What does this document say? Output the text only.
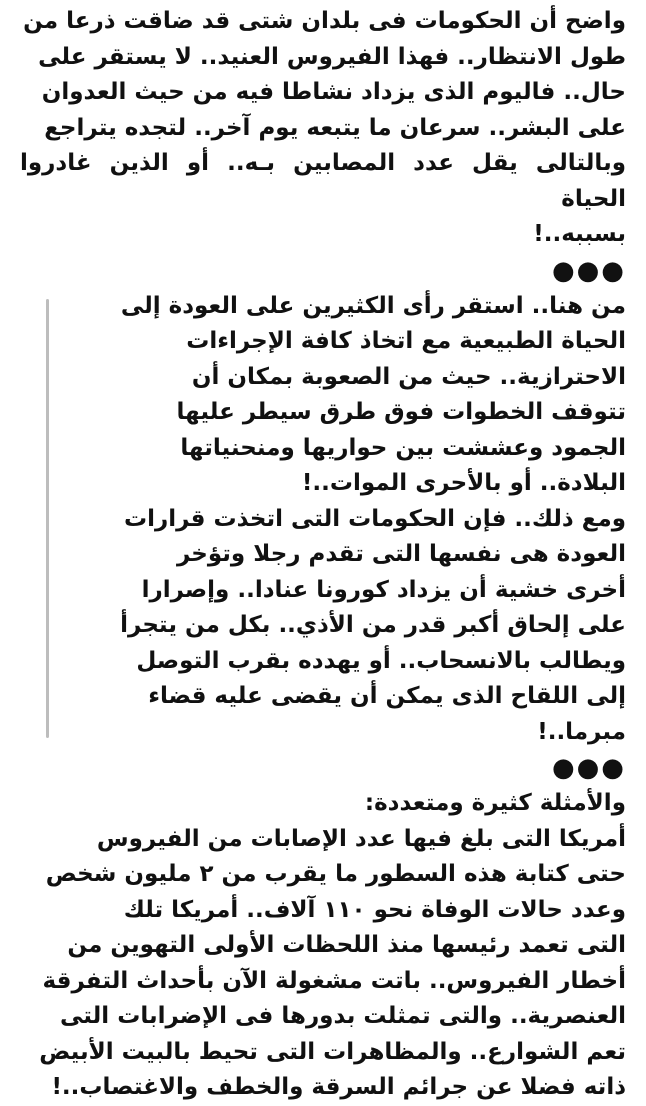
واضح أن الحكومات فى بلدان شتى قد ضاقت ذرعا من
طول الانتظار.. فهذا الفيروس العنيد.. لا يستقر على
حال.. فاليوم الذى يزداد نشاطا فيه من حيث العدوان
على البشر.. سرعان ما يتبعه يوم آخر.. لتجده يتراجع
وبالتالى يقل عدد المصابين بـه.. أو الذين غادروا الحياة
بسببه..!

●●●

من هنا.. استقر رأى الكثيرين على العودة إلى
الحياة الطبيعية مع اتخاذ كافة الإجراءات
الاحترازية.. حيث من الصعوبة بمكان أن
تتوقف الخطوات فوق طرق سيطر عليها
الجمود وعششت بين حواريها ومنحنياتها
البلادة.. أو بالأحرى الموات..!

ومع ذلك.. فإن الحكومات التى اتخذت قرارات
العودة هى نفسها التى تقدم رجلا وتؤخر
أخرى خشية أن يزداد كورونا عنادا.. وإصرارا
على إلحاق أكبر قدر من الأذي.. بكل من يتجرأ
ويطالب بالانسحاب.. أو يهدده بقرب التوصل
إلى اللقاح الذى يمكن أن يقضى عليه قضاء
مبرما..!

●●●

والأمثلة كثيرة ومتعددة:
أمريكا التى بلغ فيها عدد الإصابات من الفيروس
حتى كتابة هذه السطور ما يقرب من ٢ مليون شخص
وعدد حالات الوفاة نحو ١١٠ آلاف.. أمريكا تلك
التى تعمد رئيسها منذ اللحظات الأولى التهوين من
أخطار الفيروس.. باتت مشغولة الآن بأحداث التفرقة
العنصرية.. والتى تمثلت بدورها فى الإضرابات التى
تعم الشوارع.. والمظاهرات التى تحيط بالبيت الأبيض
ذاته فضلا عن جرائم السرقة والخطف والاغتصاب..!
